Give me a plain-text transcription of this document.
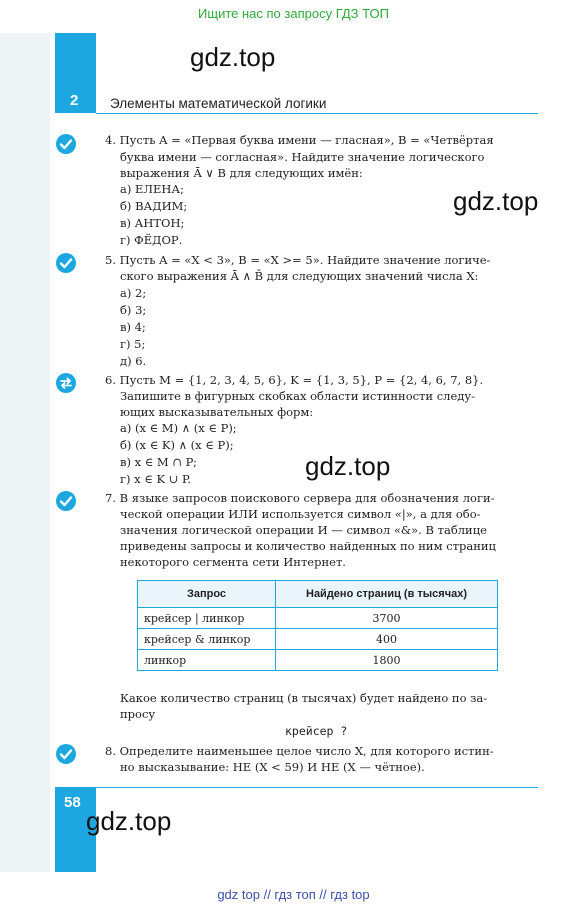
Ищите нас по запросу ГДЗ ТОП
2
58
Элементы математической логики
gdz.top
gdz.top
gdz.top
gdz.top
4. Пусть A = «Первая буква имени — гласная», B = «Четвёртая
буква имени — согласная». Найдите значение логического
выражения Ā ∨ B для следующих имён:
а) ЕЛЕНА;
б) ВАДИМ;
в) АНТОН;
г) ФЁДОР.
5. Пусть A = «X < 3», B = «X >= 5». Найдите значение логиче-
ского выражения Ā ∧ B̄ для следующих значений числа X:
а) 2;
б) 3;
в) 4;
г) 5;
д) 6.
6. Пусть M = {1, 2, 3, 4, 5, 6}, K = {1, 3, 5}, P = {2, 4, 6, 7, 8}.
Запишите в фигурных скобках области истинности следу-
ющих высказывательных форм:
а) (x ∈ M) ∧ (x ∈ P);
б) (x ∈ K) ∧ (x ∈ P);
в) x ∈ M ∩ P;
г) x ∈ K ∪ P.
7. В языке запросов поискового сервера для обозначения логи-
ческой операции ИЛИ используется символ «|», а для обо-
значения логической операции И — символ «&». В таблице
приведены запросы и количество найденных по ним страниц
некоторого сегмента сети Интернет.
Запрос	Найдено страниц (в тысячах)
крейсер | линкор	3700
крейсер & линкор	400
линкор	1800
Какое количество страниц (в тысячах) будет найдено по за-
просу
крейсер ?
8. Определите наименьшее целое число X, для которого истин-
но высказывание: НЕ (X < 59) И НЕ (X — чётное).
gdz top // гдз топ // гдз top
